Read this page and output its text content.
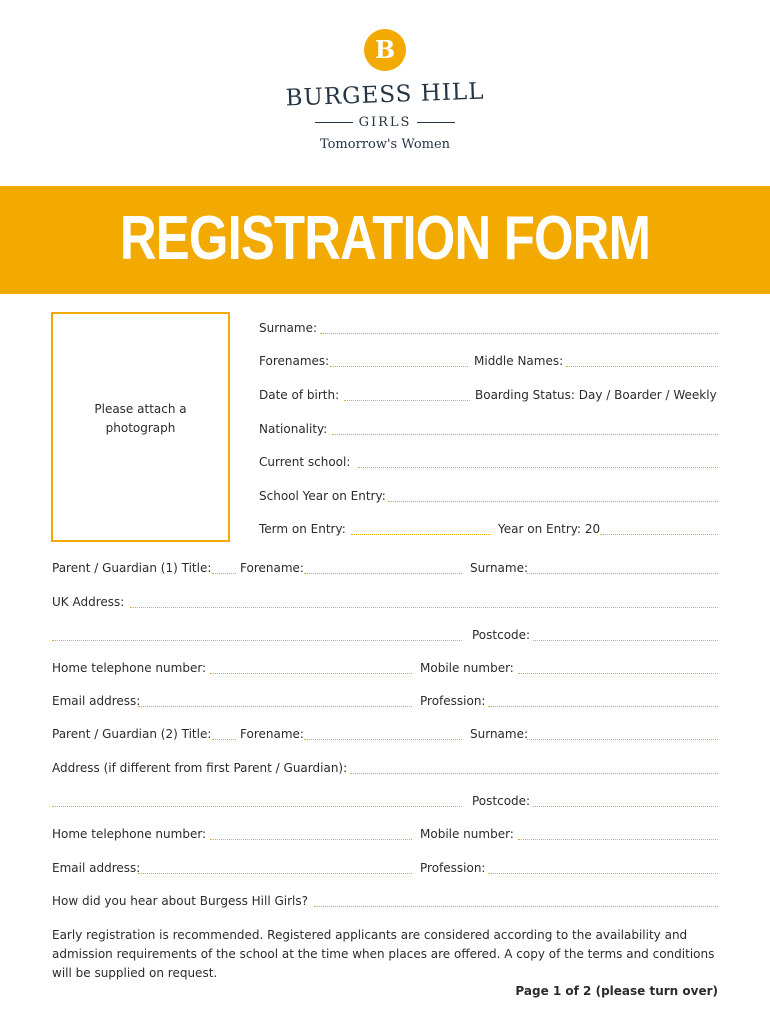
B
BURGESS HILL
GIRLS
Tomorrow's Women
REGISTRATION FORM
Please attach a
photograph
Surname:
Forenames:	Middle Names:
Date of birth:	Boarding Status: Day / Boarder / Weekly
Nationality:
Current school:
School Year on Entry:
Term on Entry:	Year on Entry: 20
Parent / Guardian (1) Title: Forename:	Surname:
UK Address:
Postcode:
Home telephone number:	Mobile number:
Email address:	Profession:
Parent / Guardian (2) Title: Forename:	Surname:
Address (if different from first Parent / Guardian):
Postcode:
Home telephone number:	Mobile number:
Email address:	Profession:
How did you hear about Burgess Hill Girls?
Early registration is recommended. Registered applicants are considered according to the availability and admission requirements of the school at the time when places are offered. A copy of the terms and conditions will be supplied on request.
Page 1 of 2 (please turn over)
